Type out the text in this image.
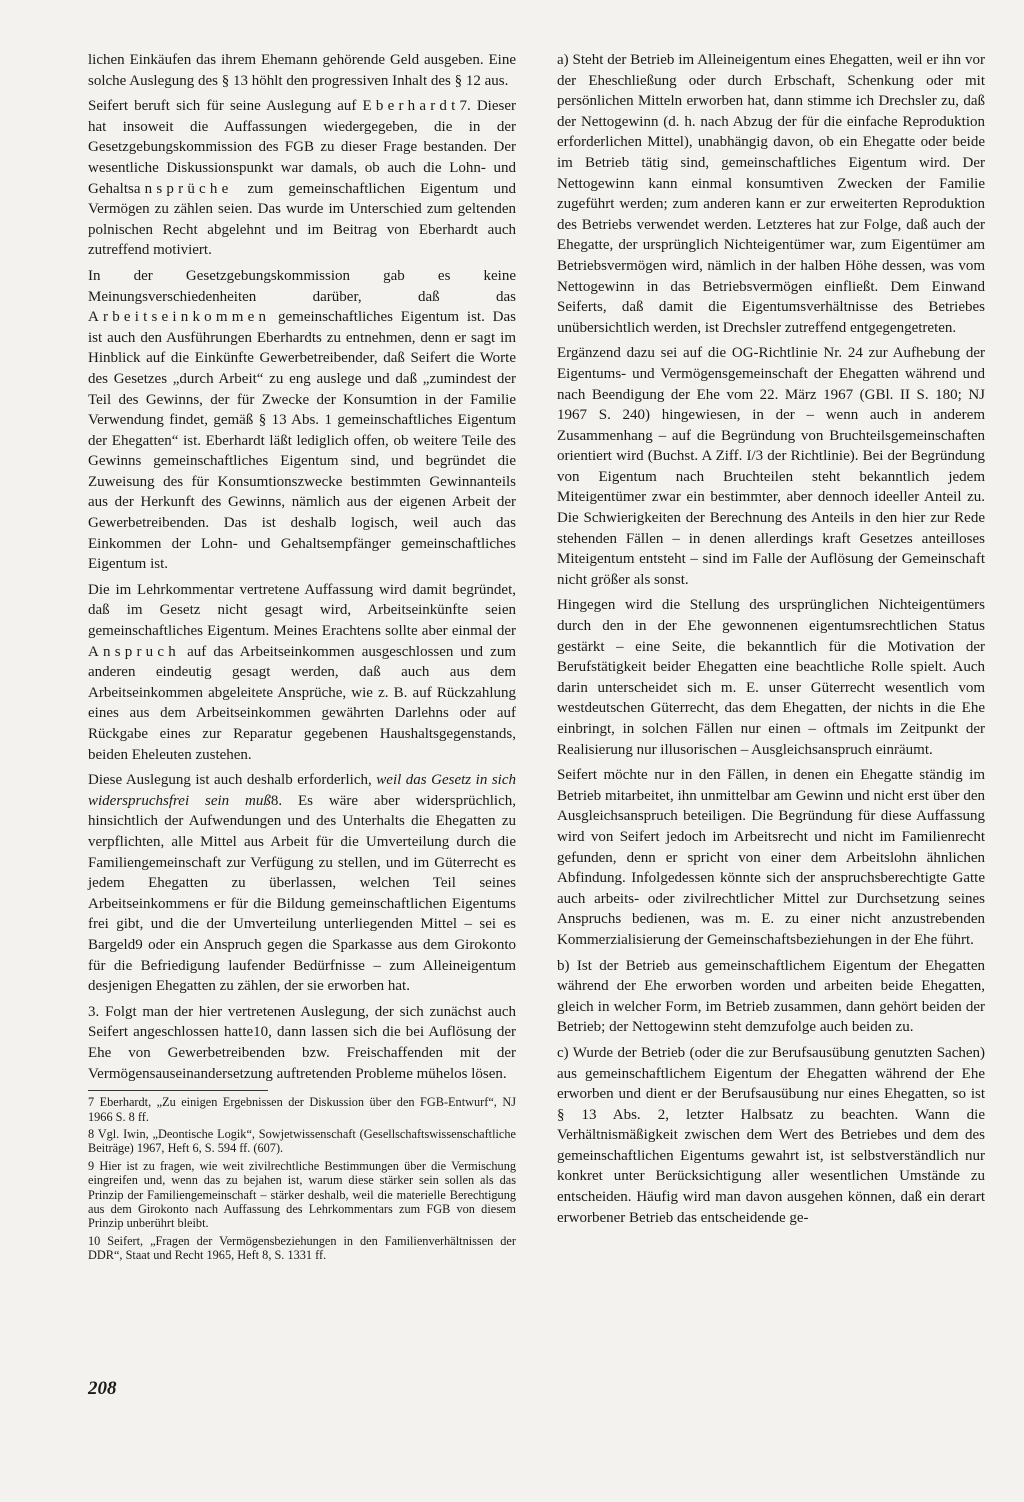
lichen Einkäufen das ihrem Ehemann gehörende Geld ausgeben. Eine solche Auslegung des § 13 höhlt den progressiven Inhalt des § 12 aus.

Seifert beruft sich für seine Auslegung auf Eberhardt7. Dieser hat insoweit die Auffassungen wiedergegeben, die in der Gesetzgebungskommission des FGB zu dieser Frage bestanden. Der wesentliche Diskussionspunkt war damals, ob auch die Lohn- und Gehaltsansprüche zum gemeinschaftlichen Eigentum und Vermögen zu zählen seien. Das wurde im Unterschied zum geltenden polnischen Recht abgelehnt und im Beitrag von Eberhardt auch zutreffend motiviert.

In der Gesetzgebungskommission gab es keine Meinungsverschiedenheiten darüber, daß das Arbeitseinkommen gemeinschaftliches Eigentum ist. Das ist auch den Ausführungen Eberhardts zu entnehmen, denn er sagt im Hinblick auf die Einkünfte Gewerbetreibender, daß Seifert die Worte des Gesetzes „durch Arbeit“ zu eng auslege und daß „zumindest der Teil des Gewinns, der für Zwecke der Konsumtion in der Familie Verwendung findet, gemäß § 13 Abs. 1 gemeinschaftliches Eigentum der Ehegatten“ ist. Eberhardt läßt lediglich offen, ob weitere Teile des Gewinns gemeinschaftliches Eigentum sind, und begründet die Zuweisung des für Konsumtionszwecke bestimmten Gewinnanteils aus der Herkunft des Gewinns, nämlich aus der eigenen Arbeit der Gewerbetreibenden. Das ist deshalb logisch, weil auch das Einkommen der Lohn- und Gehaltsempfänger gemeinschaftliches Eigentum ist.

Die im Lehrkommentar vertretene Auffassung wird damit begründet, daß im Gesetz nicht gesagt wird, Arbeitseinkünfte seien gemeinschaftliches Eigentum. Meines Erachtens sollte aber einmal der Anspruch auf das Arbeitseinkommen ausgeschlossen und zum anderen eindeutig gesagt werden, daß auch aus dem Arbeitseinkommen abgeleitete Ansprüche, wie z. B. auf Rückzahlung eines aus dem Arbeitseinkommen gewährten Darlehns oder auf Rückgabe eines zur Reparatur gegebenen Haushaltsgegenstands, beiden Eheleuten zustehen.

Diese Auslegung ist auch deshalb erforderlich, weil das Gesetz in sich widerspruchsfrei sein muß8. Es wäre aber widersprüchlich, hinsichtlich der Aufwendungen und des Unterhalts die Ehegatten zu verpflichten, alle Mittel aus Arbeit für die Umverteilung durch die Familiengemeinschaft zur Verfügung zu stellen, und im Güterrecht es jedem Ehegatten zu überlassen, welchen Teil seines Arbeitseinkommens er für die Bildung gemeinschaftlichen Eigentums frei gibt, und die der Umverteilung unterliegenden Mittel – sei es Bargeld9 oder ein Anspruch gegen die Sparkasse aus dem Girokonto für die Befriedigung laufender Bedürfnisse – zum Alleineigentum desjenigen Ehegatten zu zählen, der sie erworben hat.

3. Folgt man der hier vertretenen Auslegung, der sich zunächst auch Seifert angeschlossen hatte10, dann lassen sich die bei Auflösung der Ehe von Gewerbetreibenden bzw. Freischaffenden mit der Vermögensauseinandersetzung auftretenden Probleme mühelos lösen.

7 Eberhardt, „Zu einigen Ergebnissen der Diskussion über den FGB-Entwurf“, NJ 1966 S. 8 ff.

8 Vgl. Iwin, „Deontische Logik“, Sowjetwissenschaft (Gesellschaftswissenschaftliche Beiträge) 1967, Heft 6, S. 594 ff. (607).

9 Hier ist zu fragen, wie weit zivilrechtliche Bestimmungen über die Vermischung eingreifen und, wenn das zu bejahen ist, warum diese stärker sein sollen als das Prinzip der Familiengemeinschaft – stärker deshalb, weil die materielle Berechtigung aus dem Girokonto nach Auffassung des Lehrkommentars zum FGB von diesem Prinzip unberührt bleibt.

10 Seifert, „Fragen der Vermögensbeziehungen in den Familienverhältnissen der DDR“, Staat und Recht 1965, Heft 8, S. 1331 ff.

a) Steht der Betrieb im Alleineigentum eines Ehegatten, weil er ihn vor der Eheschließung oder durch Erbschaft, Schenkung oder mit persönlichen Mitteln erworben hat, dann stimme ich Drechsler zu, daß der Nettogewinn (d. h. nach Abzug der für die einfache Reproduktion erforderlichen Mittel), unabhängig davon, ob ein Ehegatte oder beide im Betrieb tätig sind, gemeinschaftliches Eigentum wird. Der Nettogewinn kann einmal konsumtiven Zwecken der Familie zugeführt werden; zum anderen kann er zur erweiterten Reproduktion des Betriebs verwendet werden. Letzteres hat zur Folge, daß auch der Ehegatte, der ursprünglich Nichteigentümer war, zum Eigentümer am Betriebsvermögen wird, nämlich in der halben Höhe dessen, was vom Nettogewinn in das Betriebsvermögen einfließt. Dem Einwand Seiferts, daß damit die Eigentumsverhältnisse des Betriebes unübersichtlich werden, ist Drechsler zutreffend entgegengetreten.

Ergänzend dazu sei auf die OG-Richtlinie Nr. 24 zur Aufhebung der Eigentums- und Vermögensgemeinschaft der Ehegatten während und nach Beendigung der Ehe vom 22. März 1967 (GBl. II S. 180; NJ 1967 S. 240) hingewiesen, in der – wenn auch in anderem Zusammenhang – auf die Begründung von Bruchteilsgemeinschaften orientiert wird (Buchst. A Ziff. I/3 der Richtlinie). Bei der Begründung von Eigentum nach Bruchteilen steht bekanntlich jedem Miteigentümer zwar ein bestimmter, aber dennoch ideeller Anteil zu. Die Schwierigkeiten der Berechnung des Anteils in den hier zur Rede stehenden Fällen – in denen allerdings kraft Gesetzes anteilloses Miteigentum entsteht – sind im Falle der Auflösung der Gemeinschaft nicht größer als sonst.

Hingegen wird die Stellung des ursprünglichen Nichteigentümers durch den in der Ehe gewonnenen eigentumsrechtlichen Status gestärkt – eine Seite, die bekanntlich für die Motivation der Berufstätigkeit beider Ehegatten eine beachtliche Rolle spielt. Auch darin unterscheidet sich m. E. unser Güterrecht wesentlich vom westdeutschen Güterrecht, das dem Ehegatten, der nichts in die Ehe einbringt, in solchen Fällen nur einen – oftmals im Zeitpunkt der Realisierung nur illusorischen – Ausgleichsanspruch einräumt.

Seifert möchte nur in den Fällen, in denen ein Ehegatte ständig im Betrieb mitarbeitet, ihn unmittelbar am Gewinn und nicht erst über den Ausgleichsanspruch beteiligen. Die Begründung für diese Auffassung wird von Seifert jedoch im Arbeitsrecht und nicht im Familienrecht gefunden, denn er spricht von einer dem Arbeitslohn ähnlichen Abfindung. Infolgedessen könnte sich der anspruchsberechtigte Gatte auch arbeits- oder zivilrechtlicher Mittel zur Durchsetzung seines Anspruchs bedienen, was m. E. zu einer nicht anzustrebenden Kommerzialisierung der Gemeinschaftsbeziehungen in der Ehe führt.

b) Ist der Betrieb aus gemeinschaftlichem Eigentum der Ehegatten während der Ehe erworben worden und arbeiten beide Ehegatten, gleich in welcher Form, im Betrieb zusammen, dann gehört beiden der Betrieb; der Nettogewinn steht demzufolge auch beiden zu.

c) Wurde der Betrieb (oder die zur Berufsausübung genutzten Sachen) aus gemeinschaftlichem Eigentum der Ehegatten während der Ehe erworben und dient er der Berufsausübung nur eines Ehegatten, so ist § 13 Abs. 2, letzter Halbsatz zu beachten. Wann die Verhältnismäßigkeit zwischen dem Wert des Betriebes und dem des gemeinschaftlichen Eigentums gewahrt ist, ist selbstverständlich nur konkret unter Berücksichtigung aller wesentlichen Umstände zu entscheiden. Häufig wird man davon ausgehen können, daß ein derart erworbener Betrieb das entscheidende ge-

208
